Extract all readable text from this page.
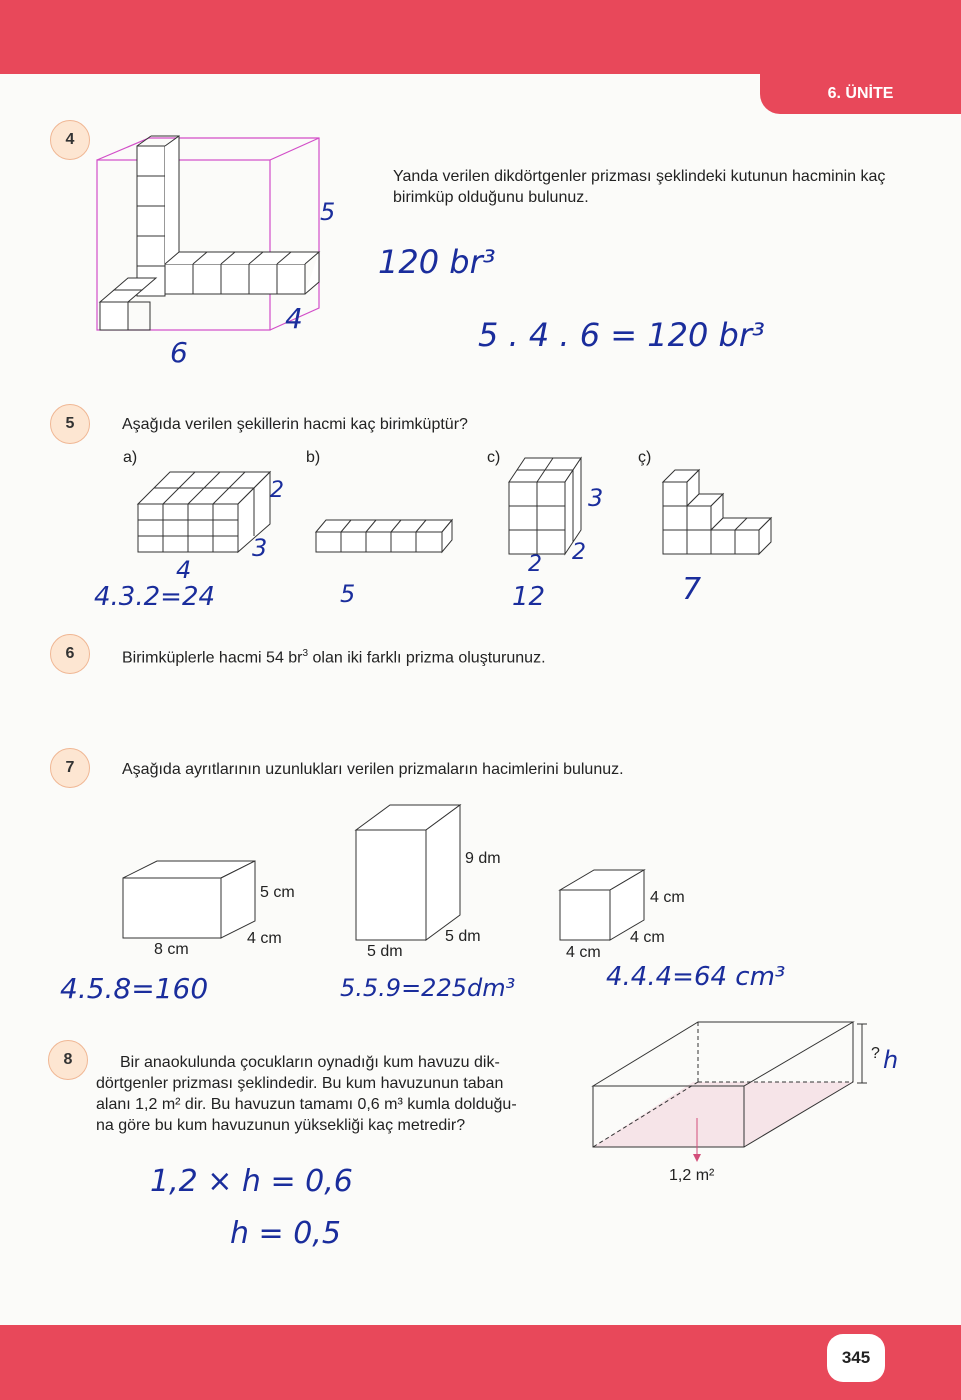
6. ÜNİTE
4
Yanda verilen dikdörtgenler prizması şeklindeki kutunun hacminin kaç birimküp olduğunu bulunuz.
5
4
6
120 br³
5 . 4 . 6 = 120 br³
5	Aşağıda verilen şekillerin hacmi kaç birimküptür?
a)	b)	c)	ç)
2
3
4
4.3.2=24	5
3
2 2
12	7
6	Birimküplerle hacmi 54 $br^3$ olan iki farklı prizma oluşturunuz.
7	Aşağıda ayrıtlarının uzunlukları verilen prizmaların hacimlerini bulunuz.
5 cm
4 cm
8 cm
9 dm
5 dm
5 dm
4 cm
4 cm
4 cm
4.5.8=160	5.5.9=225dm³	4.4.4=64 cm³
8	Bir anaokulunda çocukların oynadığı kum havuzu dik-
dörtgenler prizması şeklindedir. Bu kum havuzunun taban
alanı 1,2 m² dir. Bu havuzun tamamı 0,6 m³ kumla dolduğu-
na göre bu kum havuzunun yüksekliği kaç metredir?
? h
1,2 m²
1,2 × h = 0,6
h = 0,5
345
